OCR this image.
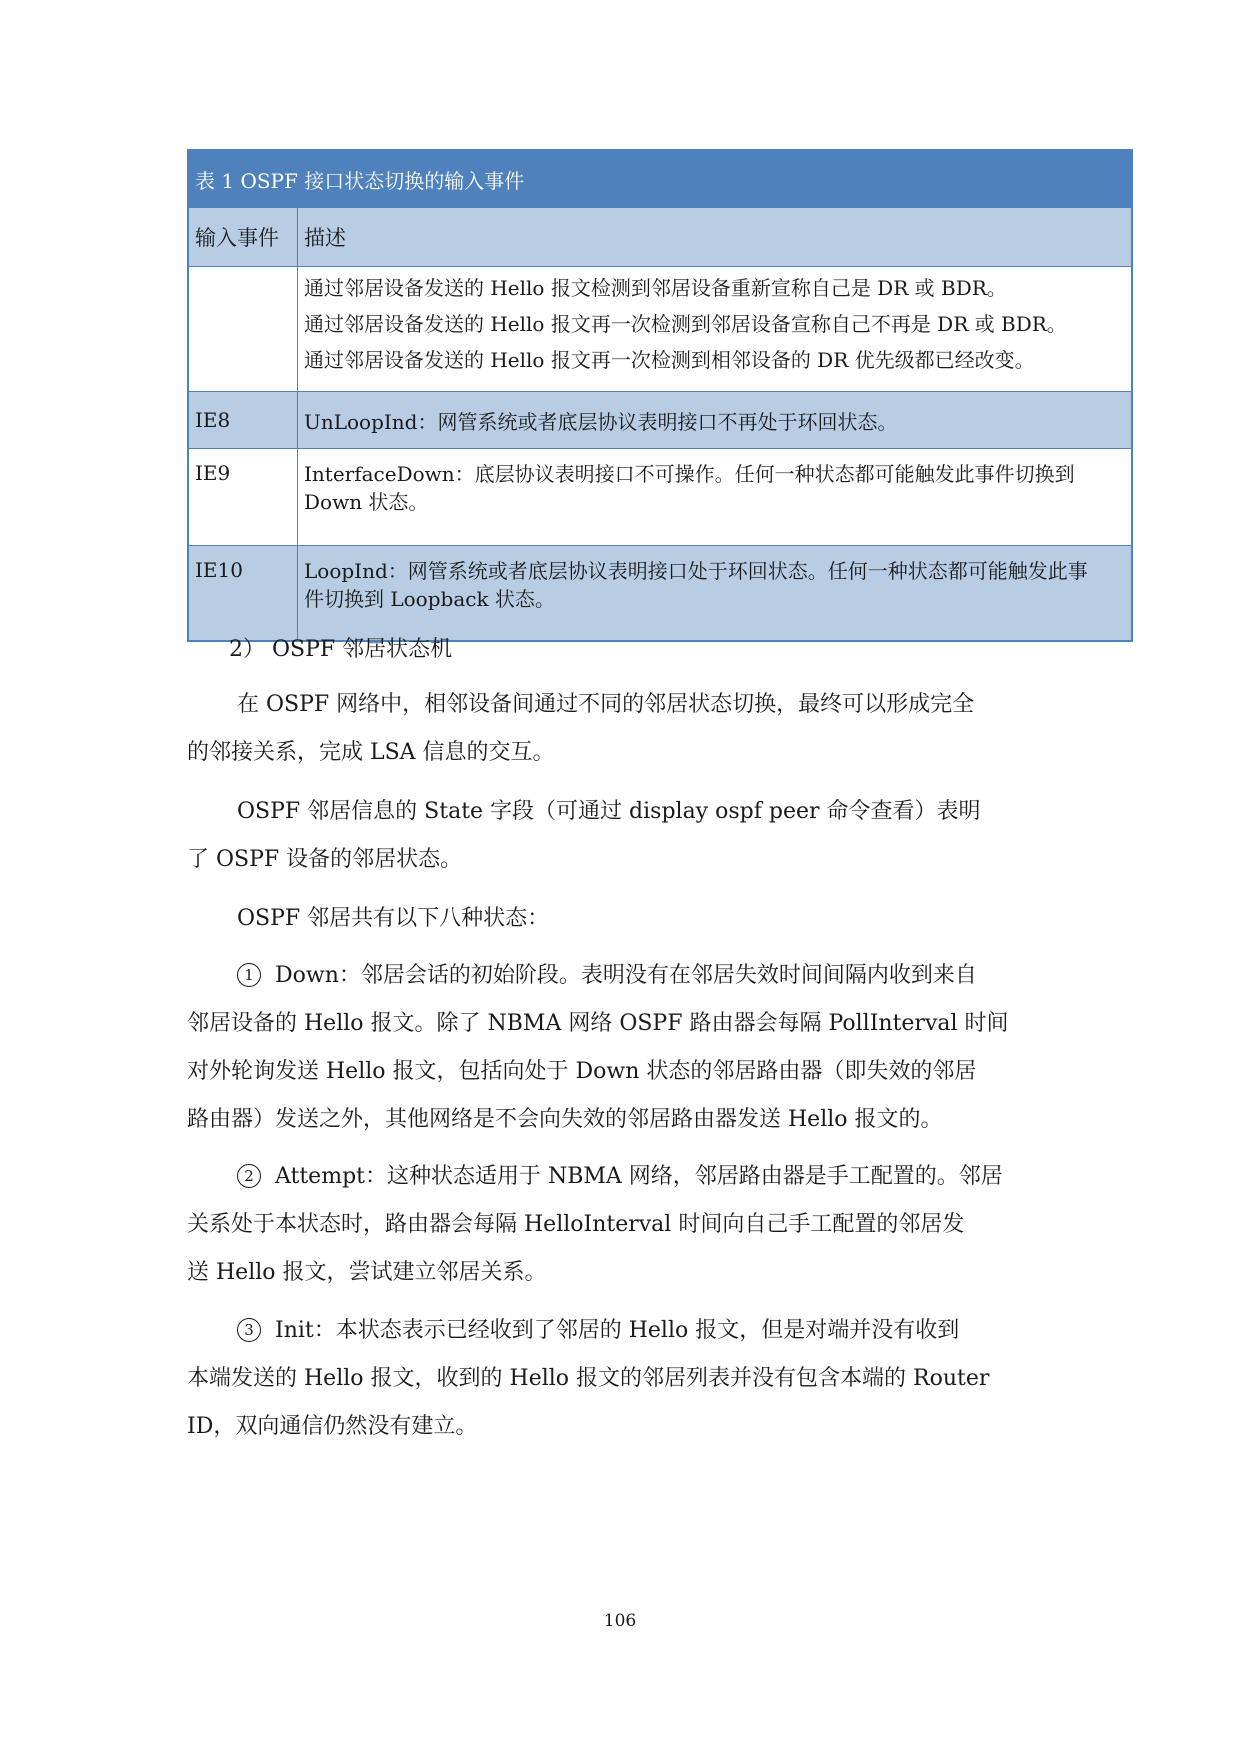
表 1 OSPF 接口状态切换的输入事件	
输入事件	描述

	通过邻居设备发送的 Hello 报文检测到邻居设备重新宣称自己是 DR 或 BDR。
通过邻居设备发送的 Hello 报文再一次检测到邻居设备宣称自己不再是 DR 或 BDR。
通过邻居设备发送的 Hello 报文再一次检测到相邻设备的 DR 优先级都已经改变。

IE8	UnLoopInd：网管系统或者底层协议表明接口不再处于环回状态。

IE9	InterfaceDown：底层协议表明接口不可操作。任何一种状态都可能触发此事件切换到
Down 状态。

IE10	LoopInd：网管系统或者底层协议表明接口处于环回状态。任何一种状态都可能触发此事
件切换到 Loopback 状态。
2） OSPF 邻居状态机
在 OSPF 网络中，相邻设备间通过不同的邻居状态切换，最终可以形成完全
的邻接关系，完成 LSA 信息的交互。
OSPF 邻居信息的 State 字段（可通过 display ospf peer 命令查看）表明
了 OSPF 设备的邻居状态。
OSPF 邻居共有以下八种状态：
1 Down：邻居会话的初始阶段。表明没有在邻居失效时间间隔内收到来自
邻居设备的 Hello 报文。除了 NBMA 网络 OSPF 路由器会每隔 PollInterval 时间
对外轮询发送 Hello 报文，包括向处于 Down 状态的邻居路由器（即失效的邻居
路由器）发送之外，其他网络是不会向失效的邻居路由器发送 Hello 报文的。
2 Attempt：这种状态适用于 NBMA 网络，邻居路由器是手工配置的。邻居
关系处于本状态时，路由器会每隔 HelloInterval 时间向自己手工配置的邻居发
送 Hello 报文，尝试建立邻居关系。
3 Init：本状态表示已经收到了邻居的 Hello 报文，但是对端并没有收到
本端发送的 Hello 报文，收到的 Hello 报文的邻居列表并没有包含本端的 Router
ID，双向通信仍然没有建立。
106
